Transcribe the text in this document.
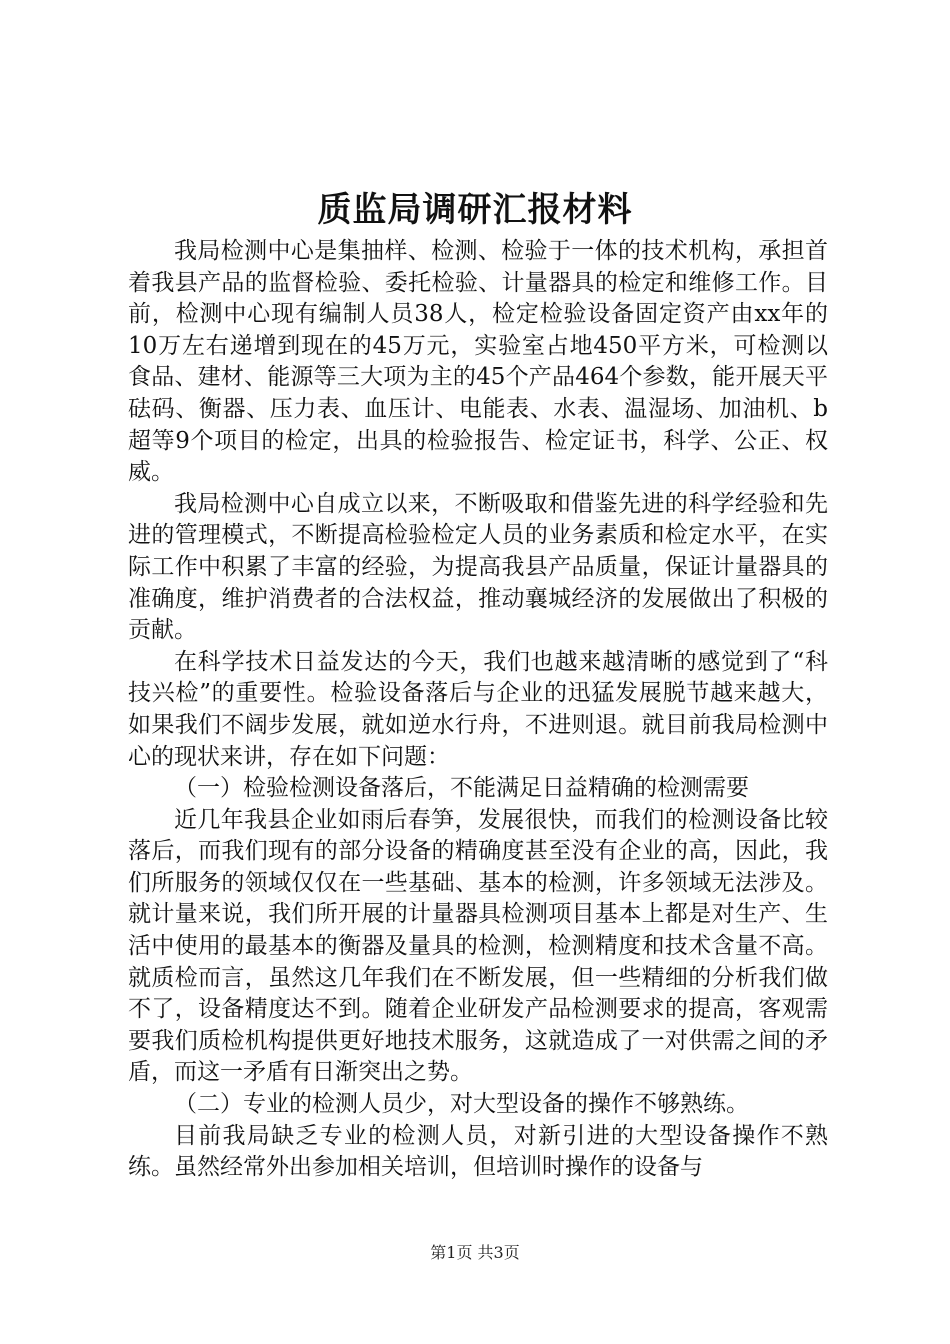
质监局调研汇报材料

我局检测中心是集抽样、检测、检验于一体的技术机构，承担首着我县产品的监督检验、委托检验、计量器具的检定和维修工作。目前，检测中心现有编制人员38人，检定检验设备固定资产由xx年的10万左右递增到现在的45万元，实验室占地450平方米，可检测以食品、建材、能源等三大项为主的45个产品464个参数，能开展天平砝码、衡器、压力表、血压计、电能表、水表、温湿场、加油机、b超等9个项目的检定，出具的检验报告、检定证书，科学、公正、权威。

我局检测中心自成立以来，不断吸取和借鉴先进的科学经验和先进的管理模式，不断提高检验检定人员的业务素质和检定水平，在实际工作中积累了丰富的经验，为提高我县产品质量，保证计量器具的准确度，维护消费者的合法权益，推动襄城经济的发展做出了积极的贡献。

在科学技术日益发达的今天，我们也越来越清晰的感觉到了“科技兴检”的重要性。检验设备落后与企业的迅猛发展脱节越来越大，如果我们不阔步发展，就如逆水行舟，不进则退。就目前我局检测中心的现状来讲，存在如下问题：

（一）检验检测设备落后，不能满足日益精确的检测需要

近几年我县企业如雨后春笋，发展很快，而我们的检测设备比较落后，而我们现有的部分设备的精确度甚至没有企业的高，因此，我们所服务的领域仅仅在一些基础、基本的检测，许多领域无法涉及。就计量来说，我们所开展的计量器具检测项目基本上都是对生产、生活中使用的最基本的衡器及量具的检测，检测精度和技术含量不高。就质检而言，虽然这几年我们在不断发展，但一些精细的分析我们做不了，设备精度达不到。随着企业研发产品检测要求的提高，客观需要我们质检机构提供更好地技术服务，这就造成了一对供需之间的矛盾，而这一矛盾有日渐突出之势。

（二）专业的检测人员少，对大型设备的操作不够熟练。

目前我局缺乏专业的检测人员，对新引进的大型设备操作不熟练。虽然经常外出参加相关培训，但培训时操作的设备与

第1页 共3页
